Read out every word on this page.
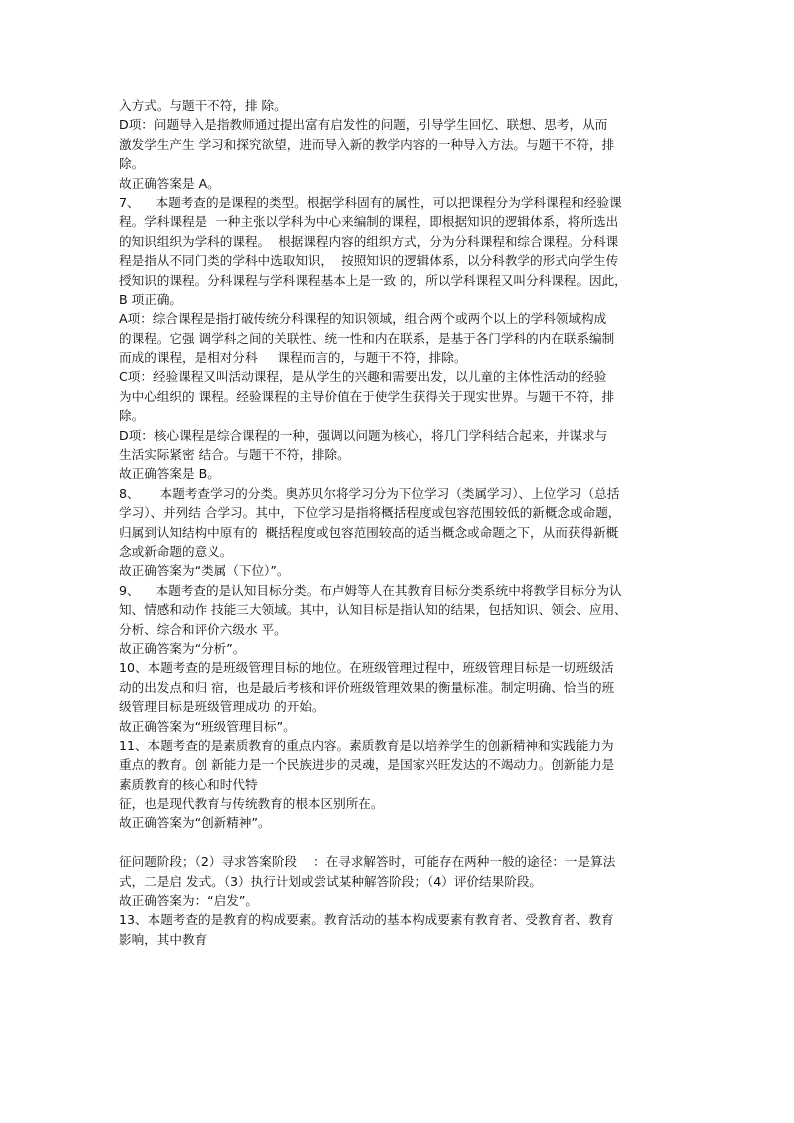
入方式。与题干不符，排 除。
D项：问题导入是指教师通过提出富有启发性的问题，引导学生回忆、联想、思考，从而
激发学生产生 学习和探究欲望，进而导入新的教学内容的一种导入方法。与题干不符，排
除。
故正确答案是 A。
7、    本题考查的是课程的类型。根据学科固有的属性，可以把课程分为学科课程和经验课
程。学科课程是  一种主张以学科为中心来编制的课程，即根据知识的逻辑体系，将所选出
的知识组织为学科的课程。  根据课程内容的组织方式，分为分科课程和综合课程。分科课
程是指从不同门类的学科中选取知识，  按照知识的逻辑体系，以分科教学的形式向学生传
授知识的课程。分科课程与学科课程基本上是一致 的，所以学科课程又叫分科课程。因此，
B 项正确。
A项：综合课程是指打破传统分科课程的知识领域，组合两个或两个以上的学科领域构成
的课程。它强 调学科之间的关联性、统一性和内在联系，是基于各门学科的内在联系编制
而成的课程，是相对分科     课程而言的，与题干不符，排除。
C项：经验课程又叫活动课程，是从学生的兴趣和需要出发，以儿童的主体性活动的经验
为中心组织的 课程。经验课程的主导价值在于使学生获得关于现实世界。与题干不符，排
除。
D项：核心课程是综合课程的一种，强调以问题为核心，将几门学科结合起来，并谋求与
生活实际紧密 结合。与题干不符，排除。
故正确答案是 B。
8、     本题考查学习的分类。奥苏贝尔将学习分为下位学习（类属学习）、上位学习（总括
学习）、并列结 合学习。其中，下位学习是指将概括程度或包容范围较低的新概念或命题，
归属到认知结构中原有的  概括程度或包容范围较高的适当概念或命题之下，从而获得新概
念或新命题的意义。
故正确答案为“类属（下位）”。
9、    本题考查的是认知目标分类。布卢姆等人在其教育目标分类系统中将教学目标分为认
知、情感和动作 技能三大领域。其中，认知目标是指认知的结果，包括知识、领会、应用、
分析、综合和评价六级水 平。
故正确答案为“分析”。
10、本题考查的是班级管理目标的地位。在班级管理过程中，班级管理目标是一切班级活
动的出发点和归 宿，也是最后考核和评价班级管理效果的衡量标准。制定明确、恰当的班
级管理目标是班级管理成功 的开始。
故正确答案为“班级管理目标”。
11、本题考查的是素质教育的重点内容。素质教育是以培养学生的创新精神和实践能力为
重点的教育。创 新能力是一个民族进步的灵魂，是国家兴旺发达的不竭动力。创新能力是
素质教育的核心和时代特
征，也是现代教育与传统教育的根本区别所在。
故正确答案为“创新精神”。
征问题阶段；（2）寻求答案阶段    ：在寻求解答时，可能存在两种一般的途径：一是算法
式，二是启 发式。（3）执行计划或尝试某种解答阶段；（4）评价结果阶段。
故正确答案为：“启发”。
13、本题考查的是教育的构成要素。教育活动的基本构成要素有教育者、受教育者、教育
影响，其中教育
